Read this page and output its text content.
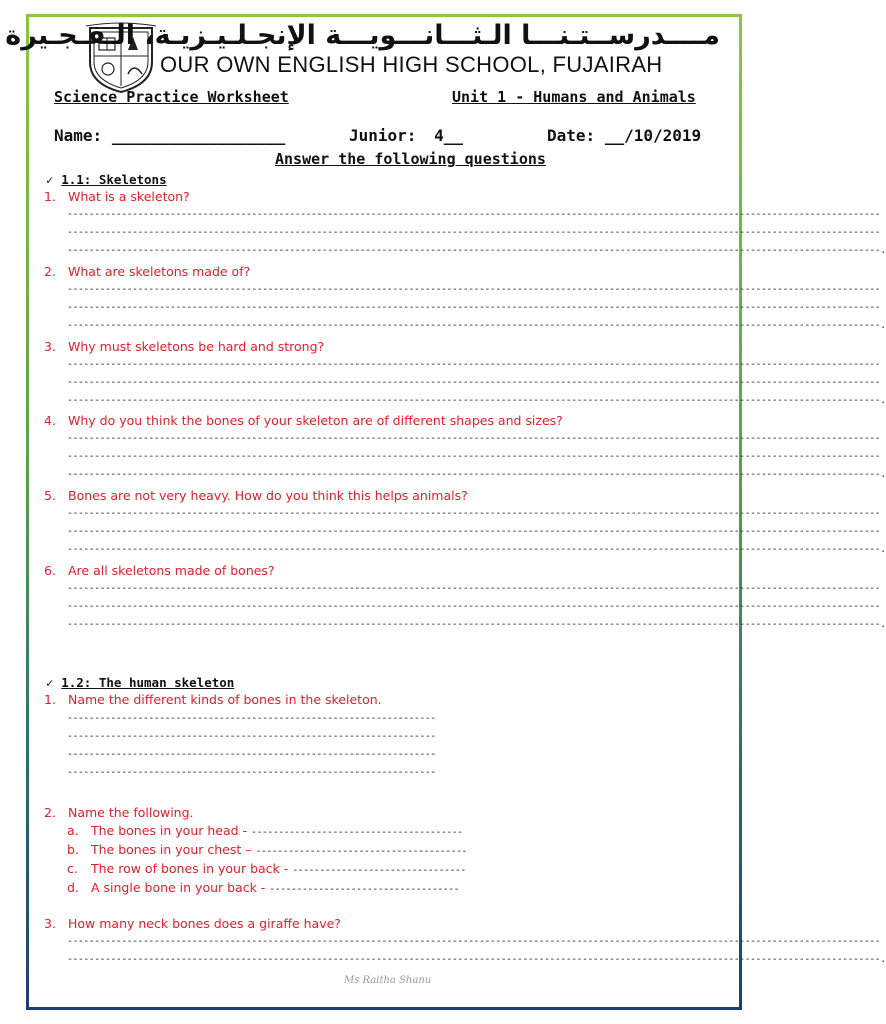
مــــدرســتـنـــا الـثـــانـــويـــة الإنجـلـيـزيـة، الـفـجـيرة
OUR OWN ENGLISH HIGH SCHOOL, FUJAIRAH
Science Practice Worksheet	Unit 1 - Humans and Animals
Name: __________________	Junior: 4__	Date: __/10/2019
Answer the following questions
✓ 1.1: Skeletons
1. What is a skeleton?
------------------------------------------------------------------------------------------------------------------------------------------------------
------------------------------------------------------------------------------------------------------------------------------------------------------
------------------------------------------------------------------------------------------------------------------------------------------------------.
2. What are skeletons made of?
------------------------------------------------------------------------------------------------------------------------------------------------------
------------------------------------------------------------------------------------------------------------------------------------------------------
------------------------------------------------------------------------------------------------------------------------------------------------------.
3. Why must skeletons be hard and strong?
------------------------------------------------------------------------------------------------------------------------------------------------------
------------------------------------------------------------------------------------------------------------------------------------------------------
------------------------------------------------------------------------------------------------------------------------------------------------------.
4. Why do you think the bones of your skeleton are of different shapes and sizes?
------------------------------------------------------------------------------------------------------------------------------------------------------
------------------------------------------------------------------------------------------------------------------------------------------------------
------------------------------------------------------------------------------------------------------------------------------------------------------.
5. Bones are not very heavy. How do you think this helps animals?
------------------------------------------------------------------------------------------------------------------------------------------------------
------------------------------------------------------------------------------------------------------------------------------------------------------
------------------------------------------------------------------------------------------------------------------------------------------------------.
6. Are all skeletons made of bones?
------------------------------------------------------------------------------------------------------------------------------------------------------
------------------------------------------------------------------------------------------------------------------------------------------------------
------------------------------------------------------------------------------------------------------------------------------------------------------.
✓ 1.2: The human skeleton
1. Name the different kinds of bones in the skeleton.
--------------------------------------------------------------------
--------------------------------------------------------------------
--------------------------------------------------------------------
--------------------------------------------------------------------
2. Name the following.
a. The bones in your head - ---------------------------------------
b. The bones in your chest – ---------------------------------------
c. The row of bones in your back - --------------------------------
d. A single bone in your back - -----------------------------------
3. How many neck bones does a giraffe have?
------------------------------------------------------------------------------------------------------------------------------------------------------
------------------------------------------------------------------------------------------------------------------------------------------------------.
Ms Raitha Shanu
